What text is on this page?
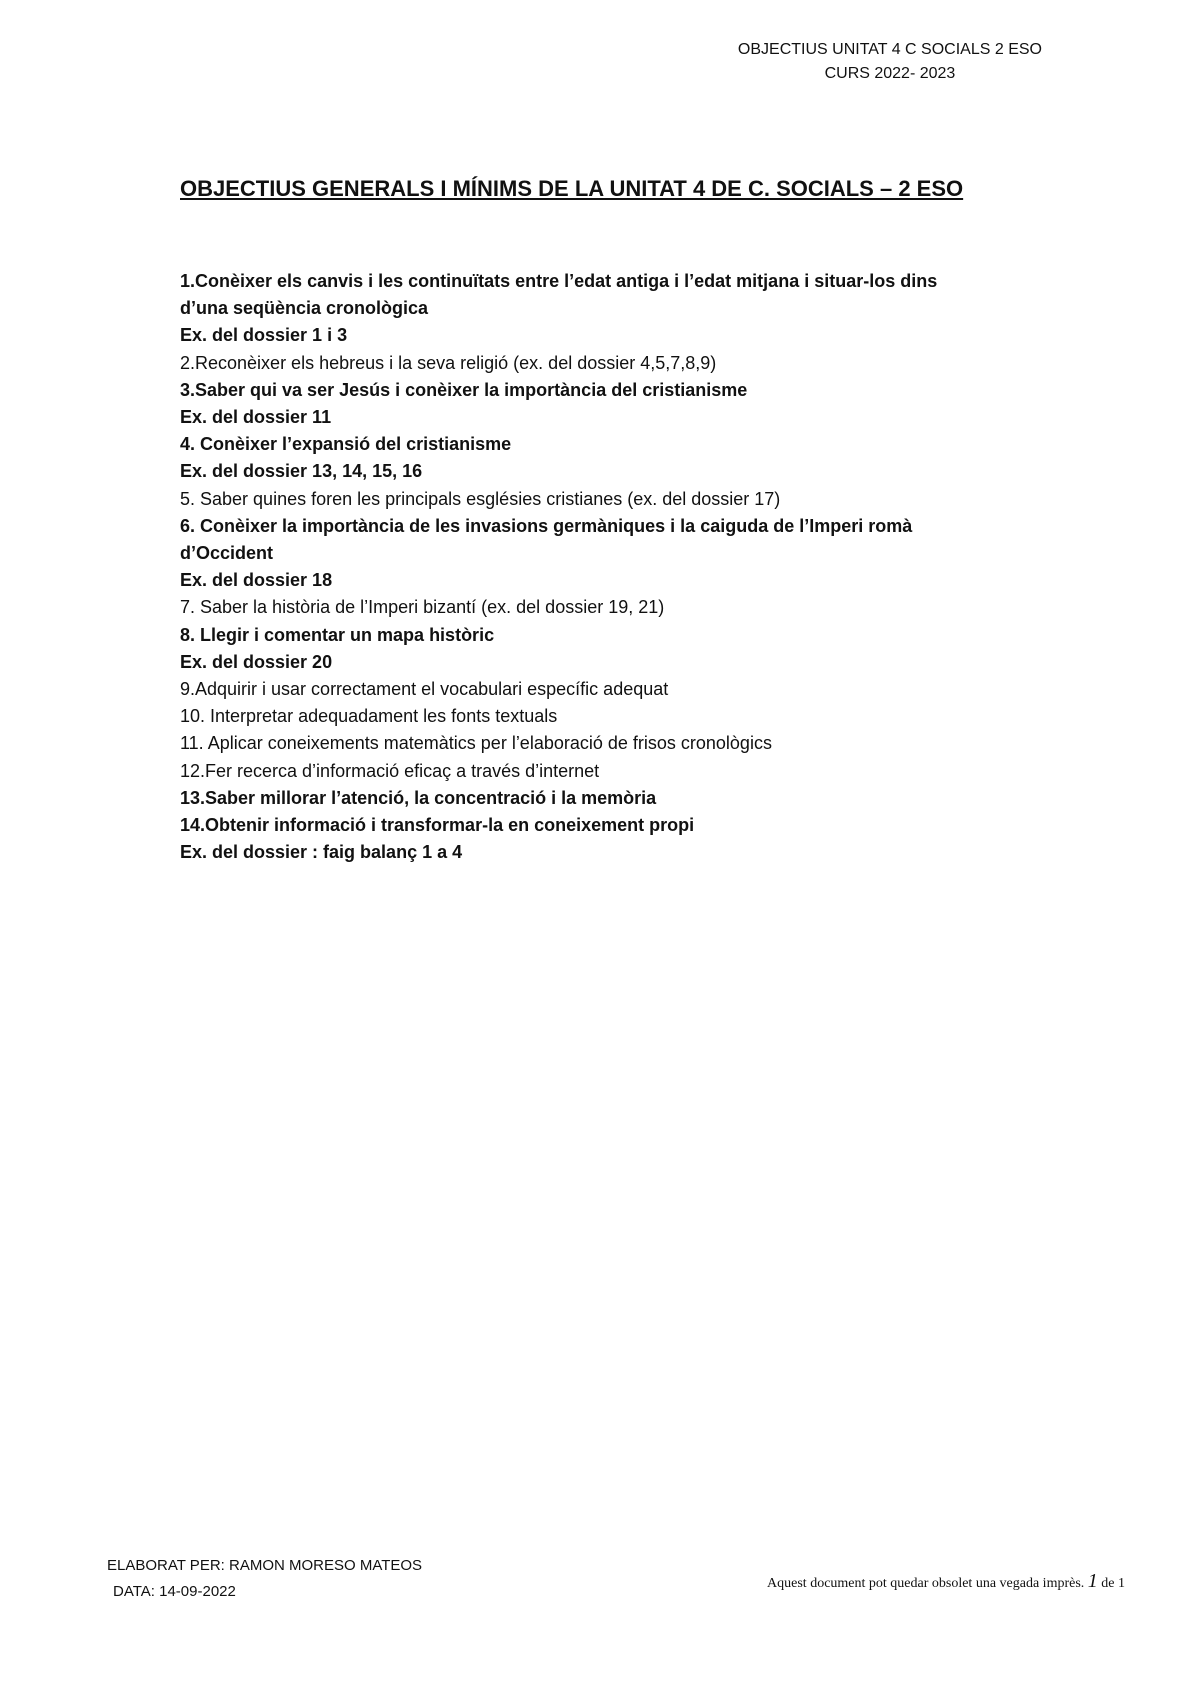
OBJECTIUS UNITAT 4 C SOCIALS 2 ESO
CURS 2022- 2023
OBJECTIUS GENERALS I MÍNIMS DE LA UNITAT 4 DE C. SOCIALS – 2 ESO
1.Conèixer els canvis i les continuïtats entre l’edat antiga i l’edat mitjana i situar-los dins
d’una seqüència cronològica
Ex. del dossier 1 i 3
2.Reconèixer els hebreus i la seva religió (ex. del dossier 4,5,7,8,9)
3.Saber qui va ser Jesús i conèixer la importància del cristianisme
Ex. del dossier 11
4. Conèixer l’expansió del cristianisme
Ex. del dossier 13, 14, 15, 16
5. Saber quines foren les principals esglésies cristianes (ex. del dossier 17)
6. Conèixer la importància de les invasions germàniques i la caiguda de l’Imperi romà
d’Occident
Ex. del dossier 18
7. Saber la història de l’Imperi bizantí (ex. del dossier 19, 21)
8. Llegir i comentar un mapa històric
Ex. del dossier 20
9.Adquirir i usar correctament el vocabulari específic adequat
10. Interpretar adequadament les fonts textuals
11. Aplicar coneixements matemàtics per l’elaboració de frisos cronològics
12.Fer recerca d’informació eficaç a través d’internet
13.Saber millorar l’atenció, la concentració i la memòria
14.Obtenir informació i transformar-la en coneixement propi
Ex. del dossier : faig balanç 1 a 4
ELABORAT PER: RAMON MORESO MATEOS
DATA: 14-09-2022	Aquest document pot quedar obsolet una vegada imprès. 1 de 1
